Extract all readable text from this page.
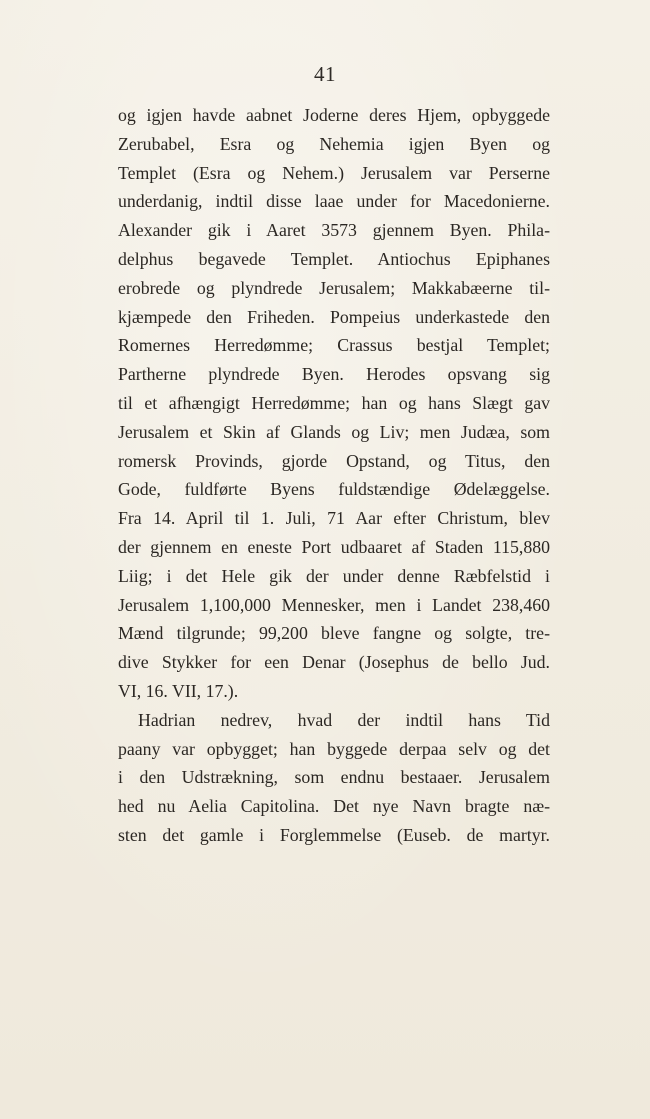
41
og igjen havde aabnet Joderne deres Hjem, opbyggede
Zerubabel, Esra og Nehemia igjen Byen og
Templet (Esra og Nehem.) Jerusalem var Perserne
underdanig, indtil disse laae under for Macedonierne.
Alexander gik i Aaret 3573 gjennem Byen. Phila-
delphus begavede Templet. Antiochus Epiphanes
erobrede og plyndrede Jerusalem; Makkabæerne til-
kjæmpede den Friheden. Pompeius underkastede den
Romernes Herredømme; Crassus bestjal Templet;
Partherne plyndrede Byen. Herodes opsvang sig
til et afhængigt Herredømme; han og hans Slægt gav
Jerusalem et Skin af Glands og Liv; men Judæa, som
romersk Provinds, gjorde Opstand, og Titus, den
Gode, fuldførte Byens fuldstændige Ødelæggelse.
Fra 14. April til 1. Juli, 71 Aar efter Christum, blev
der gjennem en eneste Port udbaaret af Staden 115,880
Liig; i det Hele gik der under denne Ræbfelstid i
Jerusalem 1,100,000 Mennesker, men i Landet 238,460
Mænd tilgrunde; 99,200 bleve fangne og solgte, tre-
dive Stykker for een Denar (Josephus de bello Jud.
VI, 16. VII, 17.).
Hadrian nedrev, hvad der indtil hans Tid
paany var opbygget; han byggede derpaa selv og det
i den Udstrækning, som endnu bestaaer. Jerusalem
hed nu Aelia Capitolina. Det nye Navn bragte næ-
sten det gamle i Forglemmelse (Euseb. de martyr.
